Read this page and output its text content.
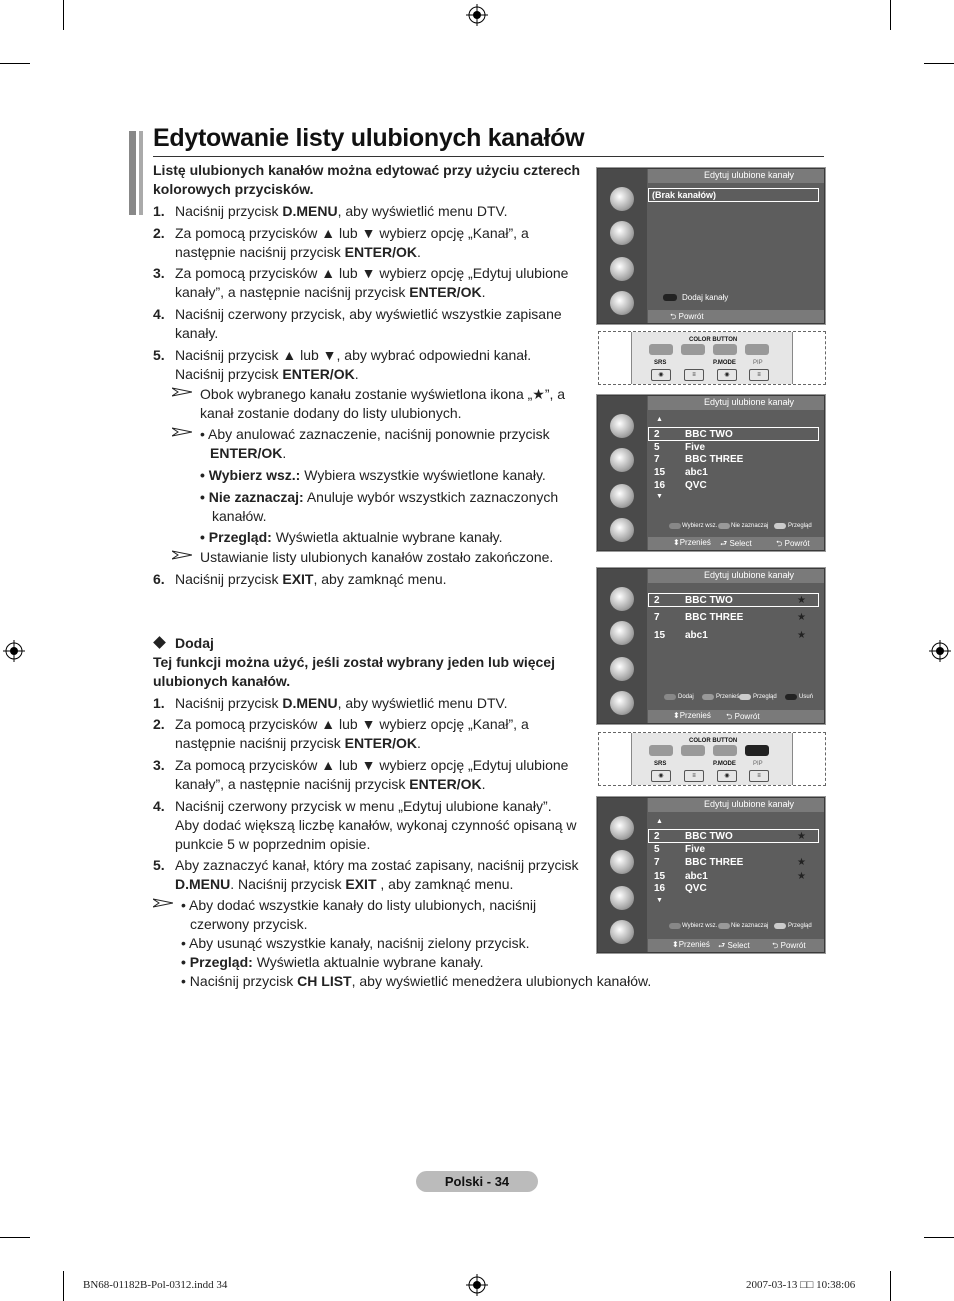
Edytowanie listy ulubionych kanałów
Listę ulubionych kanałów można edytować przy użyciu czterech kolorowych przycisków.
1. Naciśnij przycisk D.MENU, aby wyświetlić menu DTV.
2. Za pomocą przycisków ▲ lub ▼ wybierz opcję „Kanał”, a
następnie naciśnij przycisk ENTER/OK.
3. Za pomocą przycisków ▲ lub ▼ wybierz opcję „Edytuj ulubione
kanały”, a następnie naciśnij przycisk ENTER/OK.
4. Naciśnij czerwony przycisk, aby wyświetlić wszystkie zapisane
kanały.
5. Naciśnij przycisk ▲ lub ▼, aby wybrać odpowiedni kanał.
Naciśnij przycisk ENTER/OK.
Obok wybranego kanału zostanie wyświetlona ikona „★”, a
kanał zostanie dodany do listy ulubionych.
• Aby anulować zaznaczenie, naciśnij ponownie przycisk
ENTER/OK.
• Wybierz wsz.: Wybiera wszystkie wyświetlone kanały.
• Nie zaznaczaj: Anuluje wybór wszystkich zaznaczonych
kanałów.
• Przegląd: Wyświetla aktualnie wybrane kanały.
Ustawianie listy ulubionych kanałów zostało zakończone.
6. Naciśnij przycisk EXIT, aby zamknąć menu.
Dodaj
Tej funkcji można użyć, jeśli został wybrany jeden lub więcej
ulubionych kanałów.
1. Naciśnij przycisk D.MENU, aby wyświetlić menu DTV.
2. Za pomocą przycisków ▲ lub ▼ wybierz opcję „Kanał”, a
następnie naciśnij przycisk ENTER/OK.
3. Za pomocą przycisków ▲ lub ▼ wybierz opcję „Edytuj ulubione
kanały”, a następnie naciśnij przycisk ENTER/OK.
4. Naciśnij czerwony przycisk w menu „Edytuj ulubione kanały”.
Aby dodać większą liczbę kanałów, wykonaj czynność opisaną w
punkcie 5 w poprzednim opisie.
5. Aby zaznaczyć kanał, który ma zostać zapisany, naciśnij przycisk
D.MENU. Naciśnij przycisk EXIT , aby zamknąć menu.
• Aby dodać wszystkie kanały do listy ulubionych, naciśnij
czerwony przycisk.
• Aby usunąć wszystkie kanały, naciśnij zielony przycisk.
• Przegląd: Wyświetla aktualnie wybrane kanały.
• Naciśnij przycisk CH LIST, aby wyświetlić menedżera ulubionych kanałów.
Edytuj ulubione kanały
(Brak kanałów)
Dodaj kanały
⮌ Powrót
COLOR BUTTON
SRS	P.MODE	PIP
◉	≡	◉	≡
Edytuj ulubione kanały
▲
2	BBC TWO
5	Five
7	BBC THREE
15 abc1
16 QVC
▼
Wybierz wsz. Nie zaznaczaj	Przegląd
⬍Przenieś ⮐ Select	⮌ Powrót
Edytuj ulubione kanały
2	BBC TWO	★
7	BBC THREE	★
15 abc1	★
Dodaj	Przenieś Przegląd	Usuń
⬍Przenieś ⮌ Powrót
COLOR BUTTON
SRS	P.MODE	PIP
◉	≡	◉	≡
Edytuj ulubione kanały
▲
2	BBC TWO	★
5	Five
7	BBC THREE	★
15 abc1	★
16 QVC
▼
Wybierz wsz. Nie zaznaczaj	Przegląd
⬍Przenieś ⮐ Select	⮌ Powrót
Polski - 34
BN68-01182B-Pol-0312.indd 34	2007-03-13 □□ 10:38:06
